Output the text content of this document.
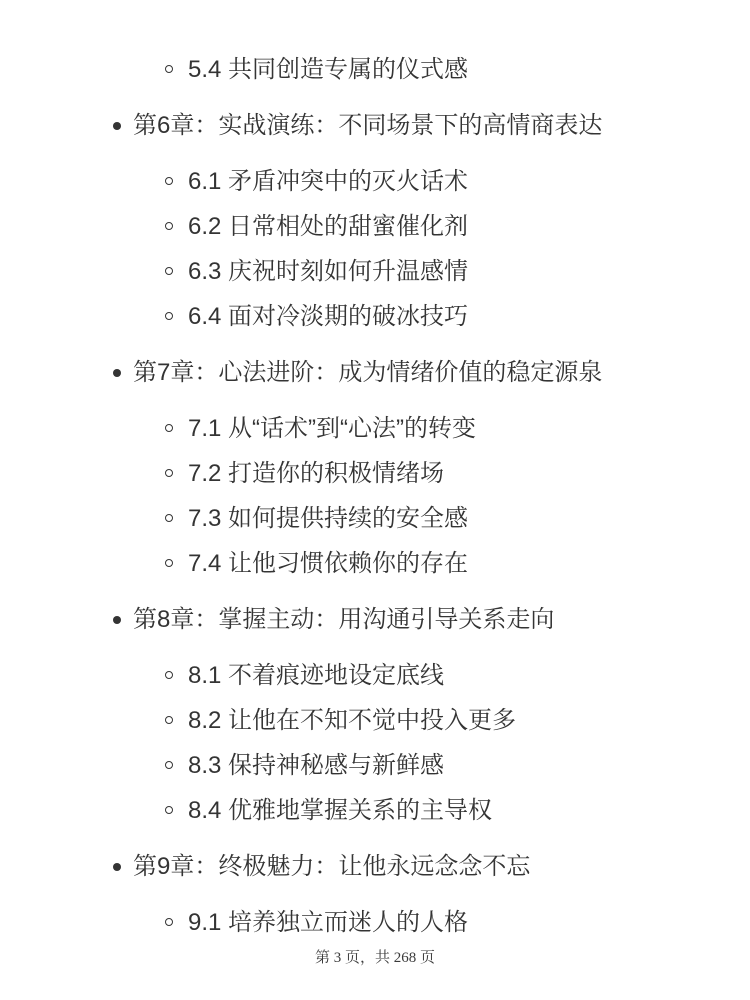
5.4 共同创造专属的仪式感
第6章：实战演练：不同场景下的高情商表达
6.1 矛盾冲突中的灭火话术
6.2 日常相处的甜蜜催化剂
6.3 庆祝时刻如何升温感情
6.4 面对冷淡期的破冰技巧
第7章：心法进阶：成为情绪价值的稳定源泉
7.1 从“话术”到“心法”的转变
7.2 打造你的积极情绪场
7.3 如何提供持续的安全感
7.4 让他习惯依赖你的存在
第8章：掌握主动：用沟通引导关系走向
8.1 不着痕迹地设定底线
8.2 让他在不知不觉中投入更多
8.3 保持神秘感与新鲜感
8.4 优雅地掌握关系的主导权
第9章：终极魅力：让他永远念念不忘
9.1 培养独立而迷人的人格
第 3 页，共 268 页
